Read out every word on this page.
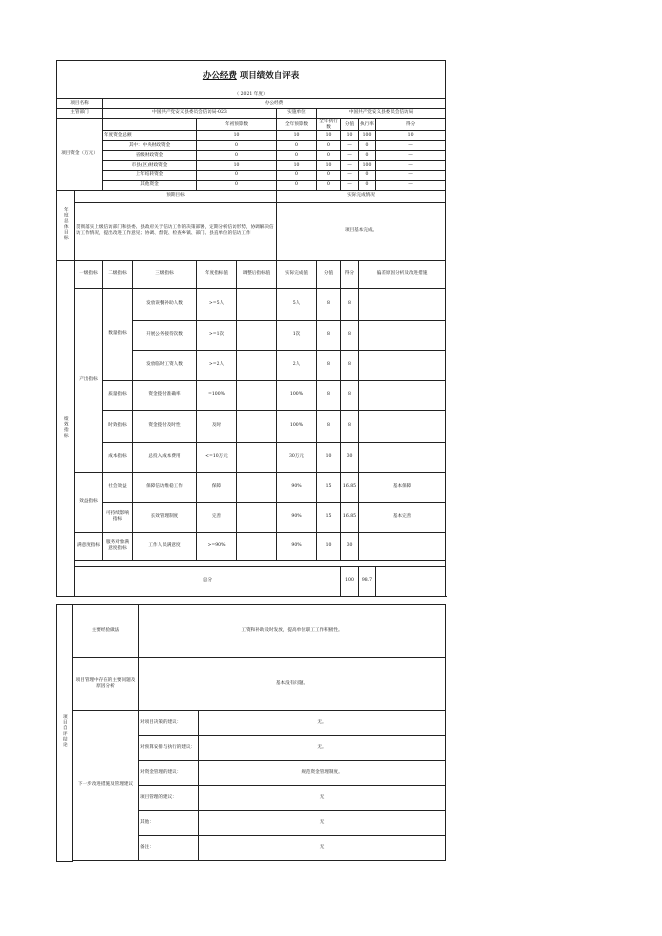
办公经费 项目绩效自评表										
（ 2021 年度）										
项目名称		办公经费								
主管部门		中国共产党安义县委员会信访局-023				实施单位	中国共产党安义县委员会信访局			
项目资金（万元）				年初预算数		全年预算数	全年执行数	分值	执行率	得分
		年度资金总额		10		10	10	10	100	10
		其中：中央财政资金		0		0	0	—	0	—
		省级财政资金		0		0	0	—	0	—
		市县(区)财政资金		10		10	10	—	100	—
		上年结转资金		0		0	0	—	0	—
		其他资金		0		0	0	—	0	—
年度总体目标	预期目标					实际完成情况				
	贯彻落实上级信访部门和县委、县政府关于信访工作的决策部署，定期分析信访形势，协调解决信访工作情况，提出改进工作意见；协调、督促、检查乡镇、部门、县直单位的信访工作					项目基本完成。				
绩效指标	一级指标	二级指标	三级指标	年度指标值	调整后指标值	实际完成值	分值	得分	偏差原因分析及改进措施	
	产出指标	数量指标	发放误餐补助人数	>=5人		5人	8	8		
			开展公务接待次数	>=1次		1次	8	8		
			发放临时工资人数	>=2人		2人	8	8		
		质量指标	资金拨付准确率	=100%		100%	8	8		
		时效指标	资金拨付及时性	及时		100%	8	8		
		成本指标	总投入成本费用	<=10万元		30万元	10	30		
	效益指标	社会效益	保障信访维稳工作	保障		90%	15	16.85	基本保障	
		可持续影响指标	长效管理制度	完善		90%	15	16.85	基本完善	
	满意度指标	服务对象满意度指标	工作人员满意度	>=90%		90%	10	30		

	总分							100	98.7	
项目自评结论	主要经验做法	工资和补助及时发放，提高单位职工工作积极性。	
	项目管理中存在的主要问题及原因分析	基本没有问题。	
	下一步改进措施及管理建议	对项目决策的建议：	无。
		对预算安排与执行的建议：	无。
		对资金管理的建议：	规范资金管理制度。
		项目管理的建议：	无
		其他：	无
		备注：	无
